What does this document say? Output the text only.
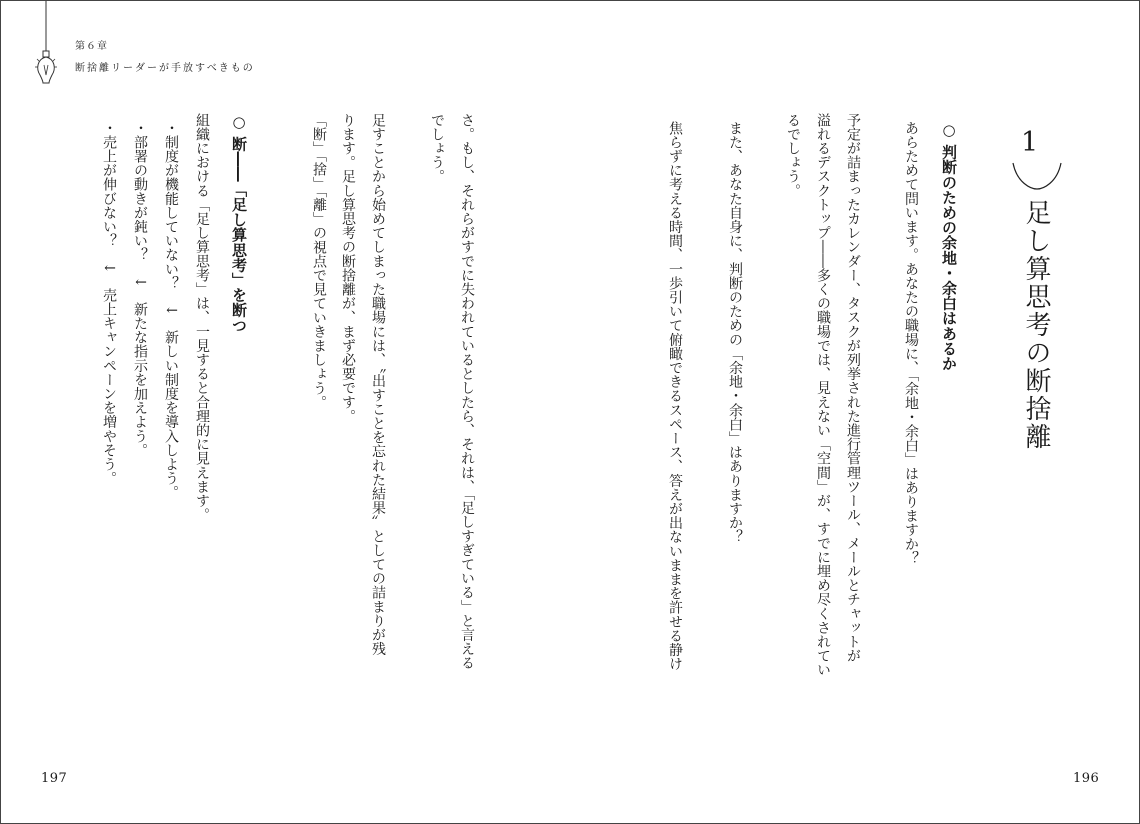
第６章
断捨離リーダーが手放すべきもの
1
足し算思考の断捨離
○ 判断のための余地・余白はあるか
あらためて問います。あなたの職場に、「余地・余白」はありますか？
予定が詰まったカレンダー、タスクが列挙された進行管理ツール、メールとチャットが
溢れるデスクトップ――多くの職場では、見えない「空間」が、すでに埋め尽くされてい
るでしょう。
また、あなた自身に、判断のための「余地・余白」はありますか？
焦らずに考える時間、一歩引いて俯瞰できるスペース、答えが出ないままを許せる静け
さ。もし、それらがすでに失われているとしたら、それは、「足しすぎている」と言える
でしょう。
足すことから始めてしまった職場には、〝出すことを忘れた結果〟としての詰まりが残
ります。足し算思考の断捨離が、まず必要です。
「断」「捨」「離」の視点で見ていきましょう。
○ 断――「足し算思考」を断つ
組織における「足し算思考」は、一見すると合理的に見えます。
・制度が機能していない？　↓　新しい制度を導入しよう。
・部署の動きが鈍い？　↓　新たな指示を加えよう。
・売上が伸びない？　↓　売上キャンペーンを増やそう。
197	196
